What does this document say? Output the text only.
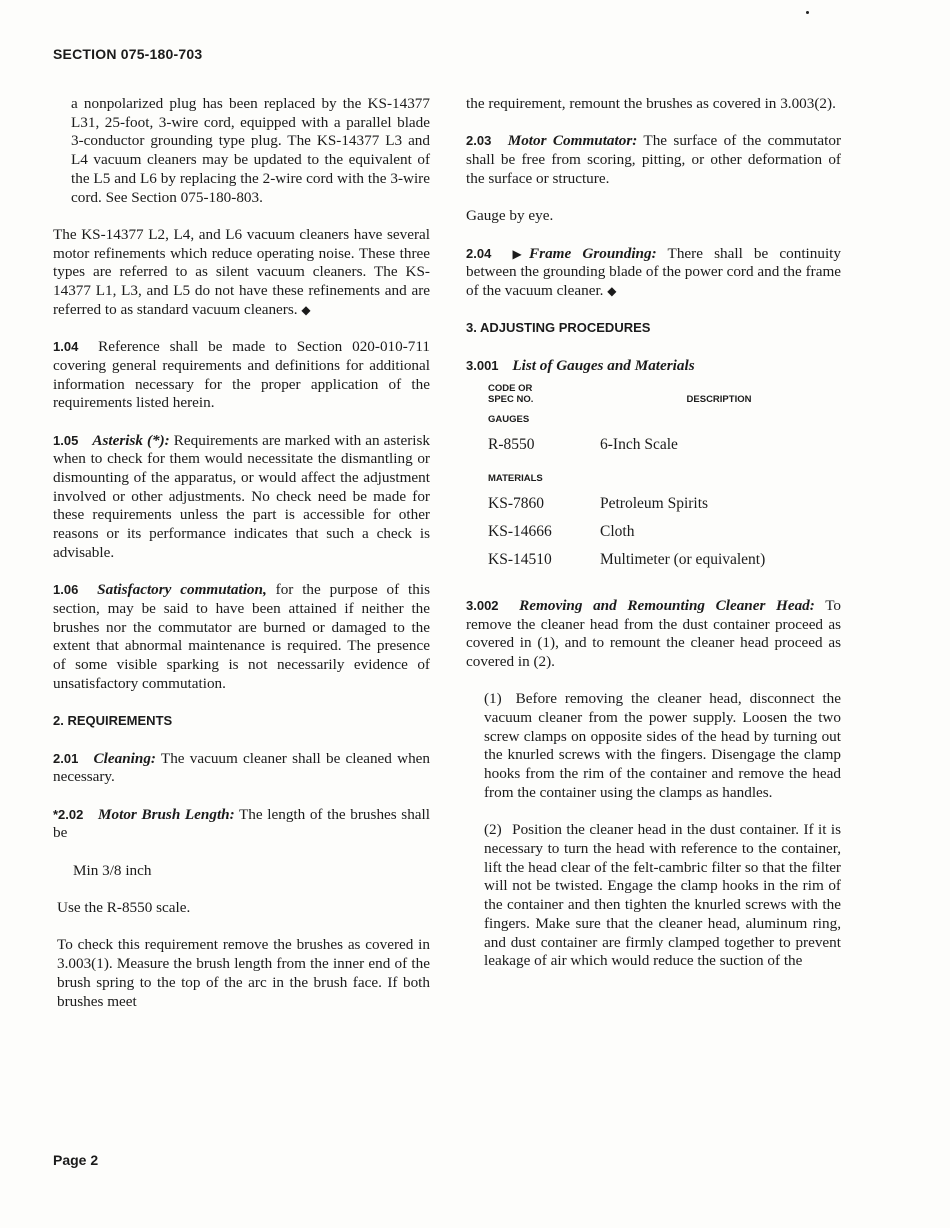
SECTION 075-180-703

a nonpolarized plug has been replaced by the KS-14377 L31, 25-foot, 3-wire cord, equipped with a parallel blade 3-conductor grounding type plug. The KS-14377 L3 and L4 vacuum cleaners may be updated to the equivalent of the L5 and L6 by replacing the 2-wire cord with the 3-wire cord. See Section 075-180-803.

The KS-14377 L2, L4, and L6 vacuum cleaners have several motor refinements which reduce operating noise. These three types are referred to as silent vacuum cleaners. The KS-14377 L1, L3, and L5 do not have these refinements and are referred to as standard vacuum cleaners. ◆

1.04 Reference shall be made to Section 020-010-711 covering general requirements and definitions for additional information necessary for the proper application of the requirements listed herein.

1.05 Asterisk (*): Requirements are marked with an asterisk when to check for them would necessitate the dismantling or dismounting of the apparatus, or would affect the adjustment involved or other adjustments. No check need be made for these requirements unless the part is accessible for other reasons or its performance indicates that such a check is advisable.

1.06 Satisfactory commutation, for the purpose of this section, may be said to have been attained if neither the brushes nor the commutator are burned or damaged to the extent that abnormal maintenance is required. The presence of some visible sparking is not necessarily evidence of unsatisfactory commutation.

2. REQUIREMENTS

2.01 Cleaning: The vacuum cleaner shall be cleaned when necessary.

*2.02 Motor Brush Length: The length of the brushes shall be

Min 3/8 inch

Use the R-8550 scale.

To check this requirement remove the brushes as covered in 3.003(1). Measure the brush length from the inner end of the brush spring to the top of the arc in the brush face. If both brushes meet

the requirement, remount the brushes as covered in 3.003(2).

2.03 Motor Commutator: The surface of the commutator shall be free from scoring, pitting, or other deformation of the surface or structure.

Gauge by eye.

2.04 ▶Frame Grounding: There shall be continuity between the grounding blade of the power cord and the frame of the vacuum cleaner. ◆

3. ADJUSTING PROCEDURES

3.001 List of Gauges and Materials

CODE OR
SPEC NO.	DESCRIPTION
GAUGES	
R-8550	6-Inch Scale
MATERIALS	
KS-7860	Petroleum Spirits
KS-14666	Cloth
KS-14510	Multimeter (or equivalent)

3.002 Removing and Remounting Cleaner Head: To remove the cleaner head from the dust container proceed as covered in (1), and to remount the cleaner head proceed as covered in (2).

(1) Before removing the cleaner head, disconnect the vacuum cleaner from the power supply. Loosen the two screw clamps on opposite sides of the head by turning out the knurled screws with the fingers. Disengage the clamp hooks from the rim of the container and remove the head from the container using the clamps as handles.

(2) Position the cleaner head in the dust container. If it is necessary to turn the head with reference to the container, lift the head clear of the felt-cambric filter so that the filter will not be twisted. Engage the clamp hooks in the rim of the container and then tighten the knurled screws with the fingers. Make sure that the cleaner head, aluminum ring, and dust container are firmly clamped together to prevent leakage of air which would reduce the suction of the

Page 2
